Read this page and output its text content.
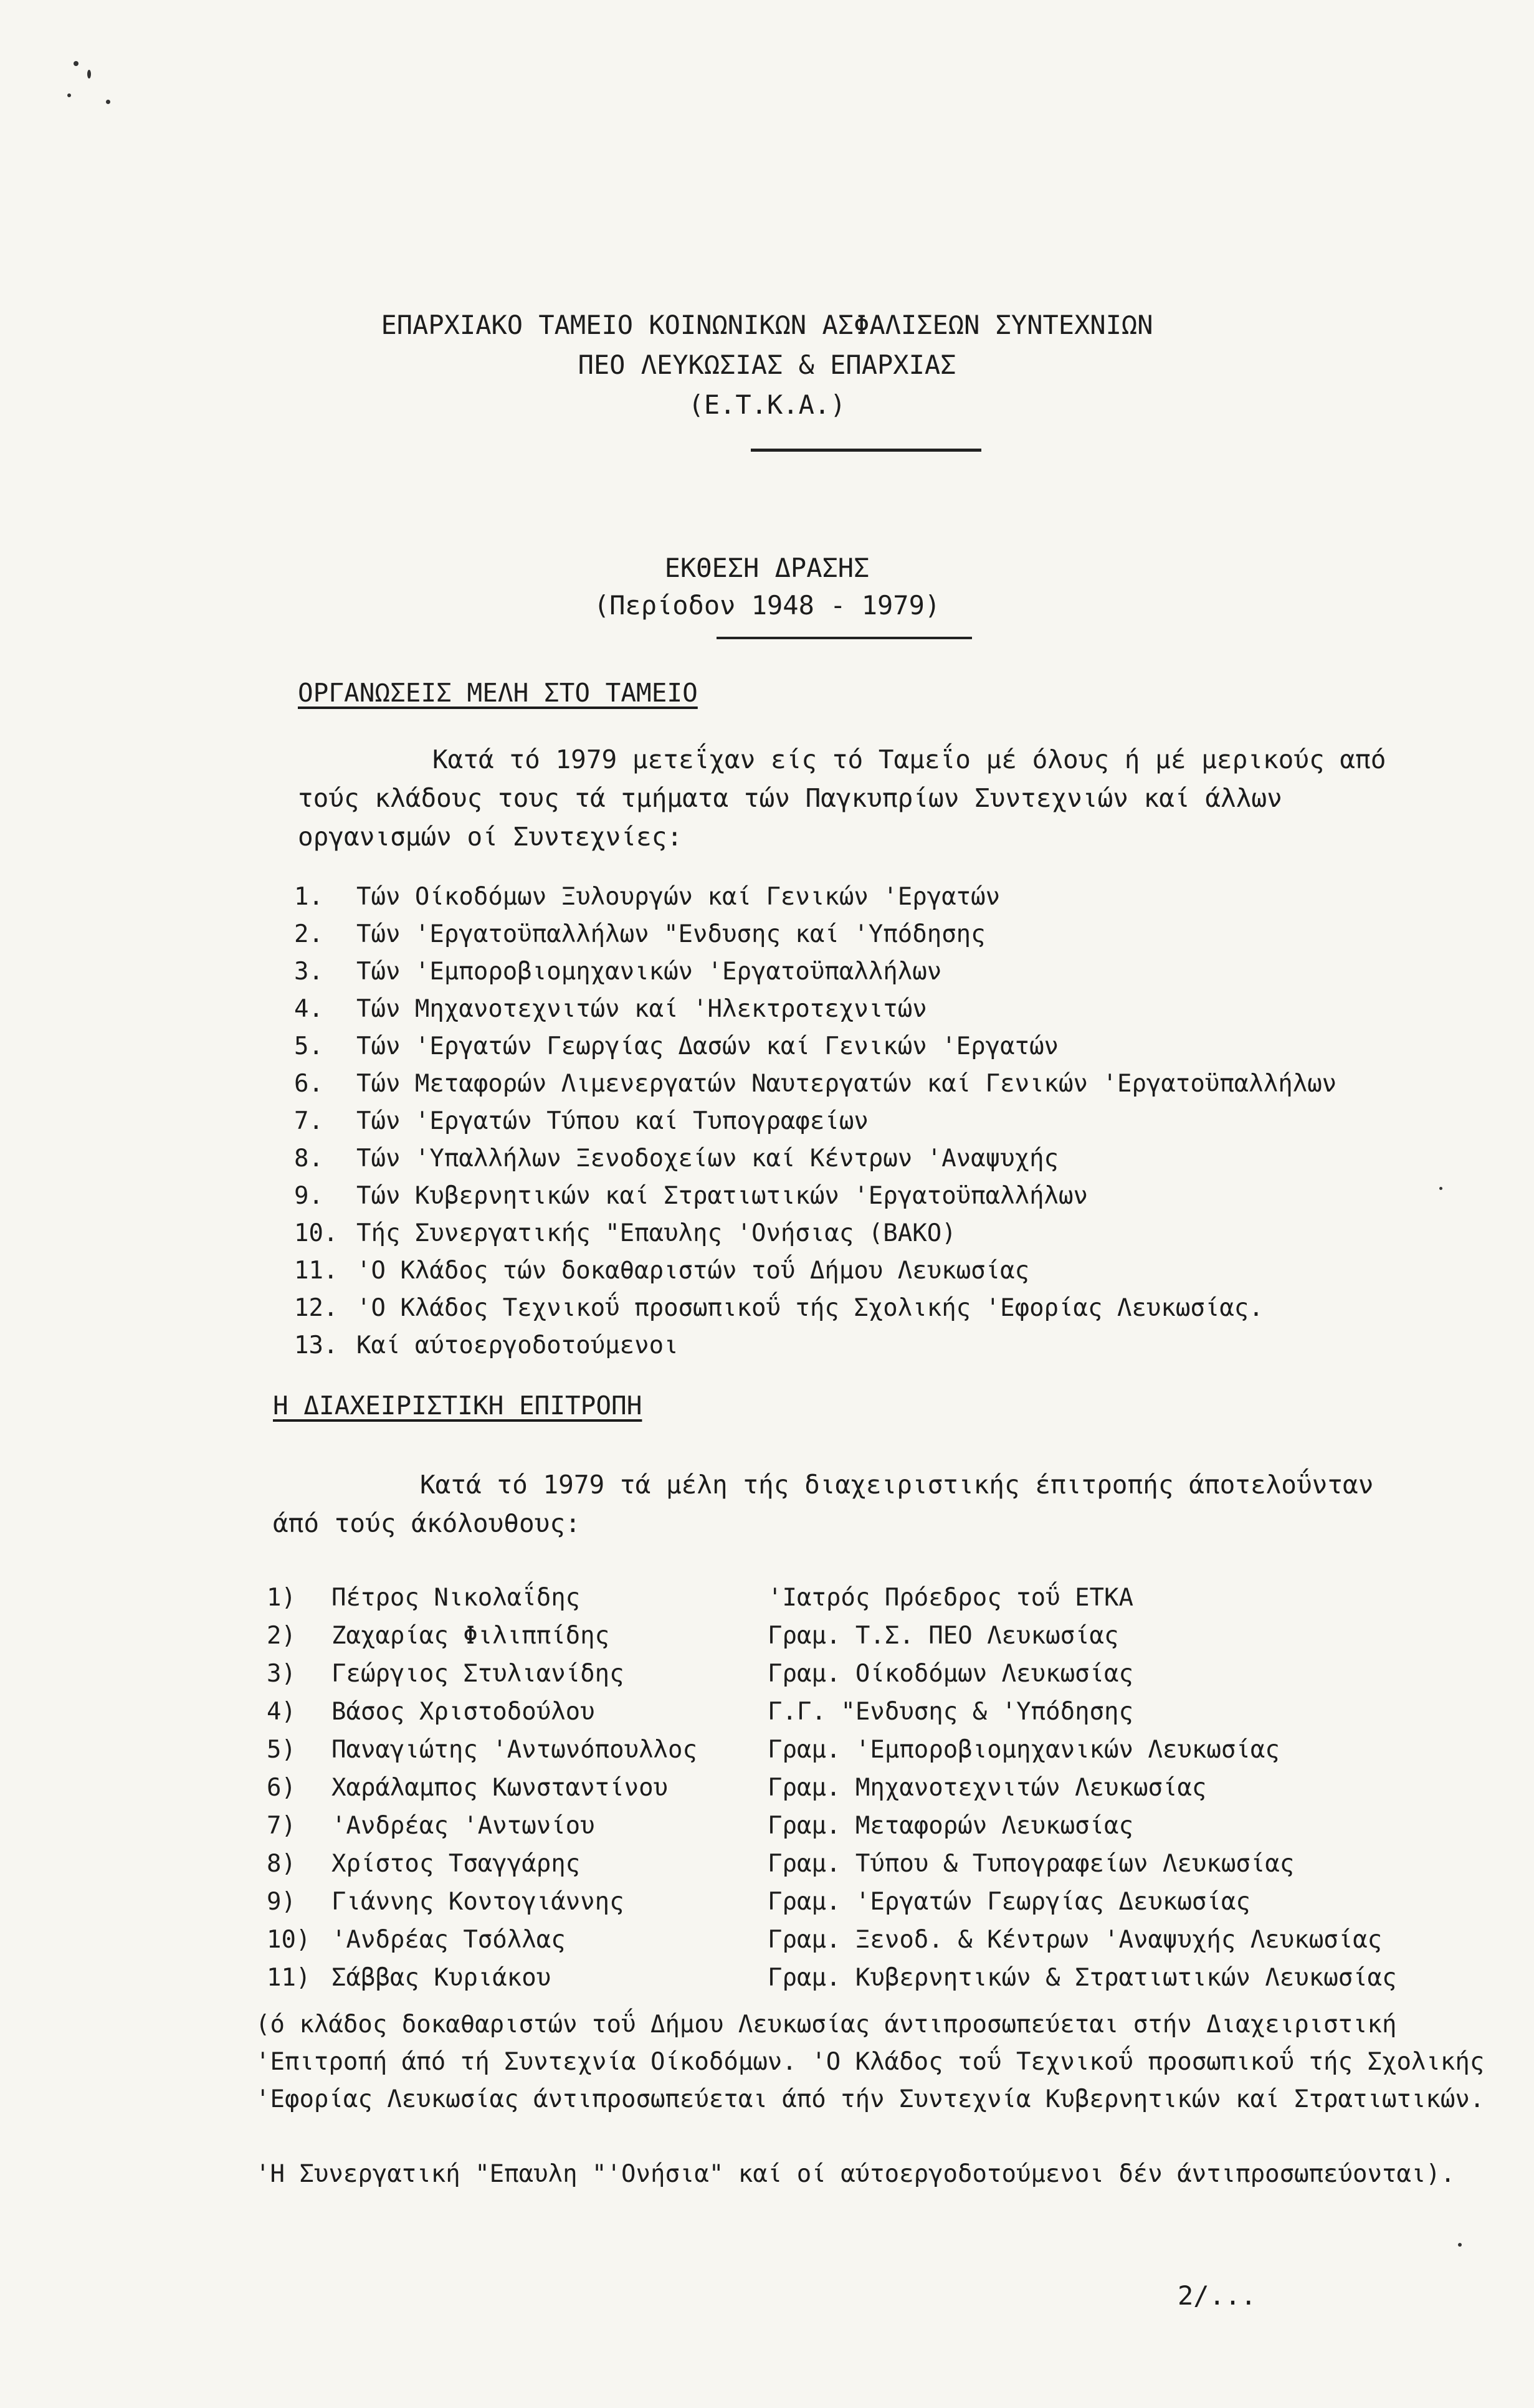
ΕΠΑΡΧΙΑΚΟ ΤΑΜΕΙΟ ΚΟΙΝΩΝΙΚΩΝ ΑΣΦΑΛΙΣΕΩΝ ΣΥΝΤΕΧΝΙΩΝ
ΠΕΟ ΛΕΥΚΩΣΙΑΣ & ΕΠΑΡΧΙΑΣ
(Ε.Τ.Κ.Α.)
ΕΚΘΕΣΗ ΔΡΑΣΗΣ
(Περίοδον 1948 - 1979)
ΟΡΓΑΝΩΣΕΙΣ ΜΕΛΗ ΣΤΟ ΤΑΜΕΙΟ
Κατά τό 1979 μετεΐχαν είς τό Ταμεΐο μέ όλους ή μέ μερικούς από τούς κλάδους τους τά τμήματα τών Παγκυπρίων Συντεχνιών καί άλλων οργανισμών οί Συντεχνίες:
1. Τών Οίκοδόμων Ξυλουργών καί Γενικών 'Εργατών
2. Τών 'Εργατοϋπαλλήλων "Ενδυσης καί 'Υπόδησης
3. Τών 'Εμποροβιομηχανικών 'Εργατοϋπαλλήλων
4. Τών Μηχανοτεχνιτών καί 'Ηλεκτροτεχνιτών
5. Τών 'Εργατών Γεωργίας Δασών καί Γενικών 'Εργατών
6. Τών Μεταφορών Λιμενεργατών Ναυτεργατών καί Γενικών 'Εργατοϋπαλλήλων
7. Τών 'Εργατών Τύπου καί Τυπογραφείων
8. Τών 'Υπαλλήλων Ξενοδοχείων καί Κέντρων 'Αναψυχής
9. Τών Κυβερνητικών καί Στρατιωτικών 'Εργατοϋπαλλήλων
10. Τής Συνεργατικής "Επαυλης 'Ονήσιας (ΒΑΚΟ)
11. 'Ο Κλάδος τών δοκαθαριστών τοΰ Δήμου Λευκωσίας
12. 'Ο Κλάδος Τεχνικοΰ προσωπικοΰ τής Σχολικής 'Εφορίας Λευκωσίας.
13. Καί αύτοεργοδοτούμενοι
Η ΔΙΑΧΕΙΡΙΣΤΙΚΗ ΕΠΙΤΡΟΠΗ
Κατά τό 1979 τά μέλη τής διαχειριστικής έπιτροπής άποτελοΰνταν άπό τούς άκόλουθους:
1) Πέτρος Νικολαΐδης	'Ιατρός Πρόεδρος τοΰ ΕΤΚΑ
2) Ζαχαρίας Φιλιππίδης	Γραμ. Τ.Σ. ΠΕΟ Λευκωσίας
3) Γεώργιος Στυλιανίδης	Γραμ. Οίκοδόμων Λευκωσίας
4) Βάσος Χριστοδούλου	Γ.Γ. "Ενδυσης & 'Υπόδησης
5) Παναγιώτης 'Αντωνόπουλλος	Γραμ. 'Εμποροβιομηχανικών Λευκωσίας
6) Χαράλαμπος Κωνσταντίνου	Γραμ. Μηχανοτεχνιτών Λευκωσίας
7) 'Ανδρέας 'Αντωνίου	Γραμ. Μεταφορών Λευκωσίας
8) Χρίστος Τσαγγάρης	Γραμ. Τύπου & Τυπογραφείων Λευκωσίας
9) Γιάννης Κοντογιάννης	Γραμ. 'Εργατών Γεωργίας Δευκωσίας
10) 'Ανδρέας Τσόλλας	Γραμ. Ξενοδ. & Κέντρων 'Αναψυχής Λευκωσίας
11) Σάββας Κυριάκου	Γραμ. Κυβερνητικών & Στρατιωτικών Λευκωσίας
(ό κλάδος δοκαθαριστών τοΰ Δήμου Λευκωσίας άντιπροσωπεύεται στήν Διαχειριστική 'Επιτροπή άπό τή Συντεχνία Οίκοδόμων. 'Ο Κλάδος τοΰ Τεχνικοΰ προσωπικοΰ τής Σχολικής 'Εφορίας Λευκωσίας άντιπροσωπεύεται άπό τήν Συντεχνία Κυβερνητικών καί Στρατιωτικών.
'Η Συνεργατική "Επαυλη "'Ονήσια" καί οί αύτοεργοδοτούμενοι δέν άντιπροσωπεύονται).
2/...
